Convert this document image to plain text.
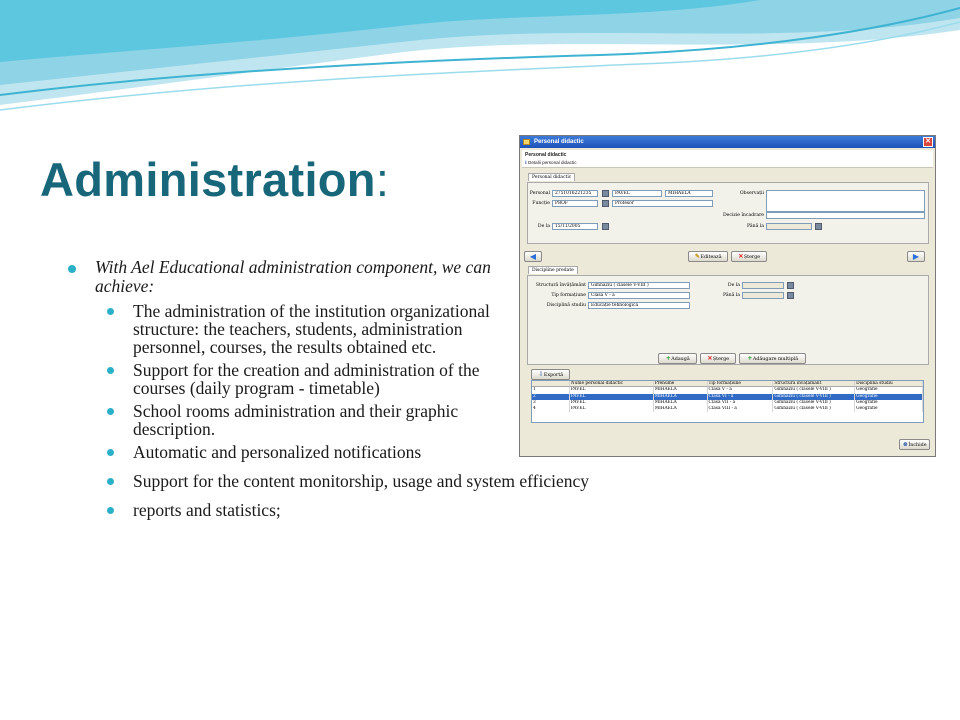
Administration:
With Ael Educational administration component, we can achieve:
The administration of the institution organizational structure: the teachers, students, administration personnel, courses, the results obtained etc.
Support for the creation and administration of the courses (daily program - timetable)
School rooms administration and their graphic description.
Automatic and personalized notifications
Support for the content monitorship, usage and system efficiency
reports and statistics;
Personal didactic	✕
Personal didactic
ℹ Detalii personal didactic
Personal didactic
Personal	2751016221235	PAVEL	MIHAELA
Funcție	PROF	Profesor
De la	15/11/2005
Observații
Decizie încadrare
Până la
◀	✎Editează	✕Șterge	▶
Discipline predate
Structură învățământ	Gimnaziu ( clasele V-VIII )
Tip formațiune	Clasa V - a
Disciplină studiu	Educație tehnologică
De la
Până la
+Adaugă	✕Șterge	+Adăugare multiplă
⇩Exportă
Nume personal didactic	Prenume	Tip formațiune	Structură învățământ	Disciplină studiu
1	PAVEL	MIHAELA	Clasa V - a	Gimnaziu ( clasele V-VIII )	Geografie
2	PAVEL	MIHAELA	Clasa VI - a	Gimnaziu ( clasele V-VIII )	Geografie
3	PAVEL	MIHAELA	Clasa VII - a	Gimnaziu ( clasele V-VIII )	Geografie
4	PAVEL	MIHAELA	Clasa VIII - a	Gimnaziu ( clasele V-VIII )	Geografie
⊗Închide
